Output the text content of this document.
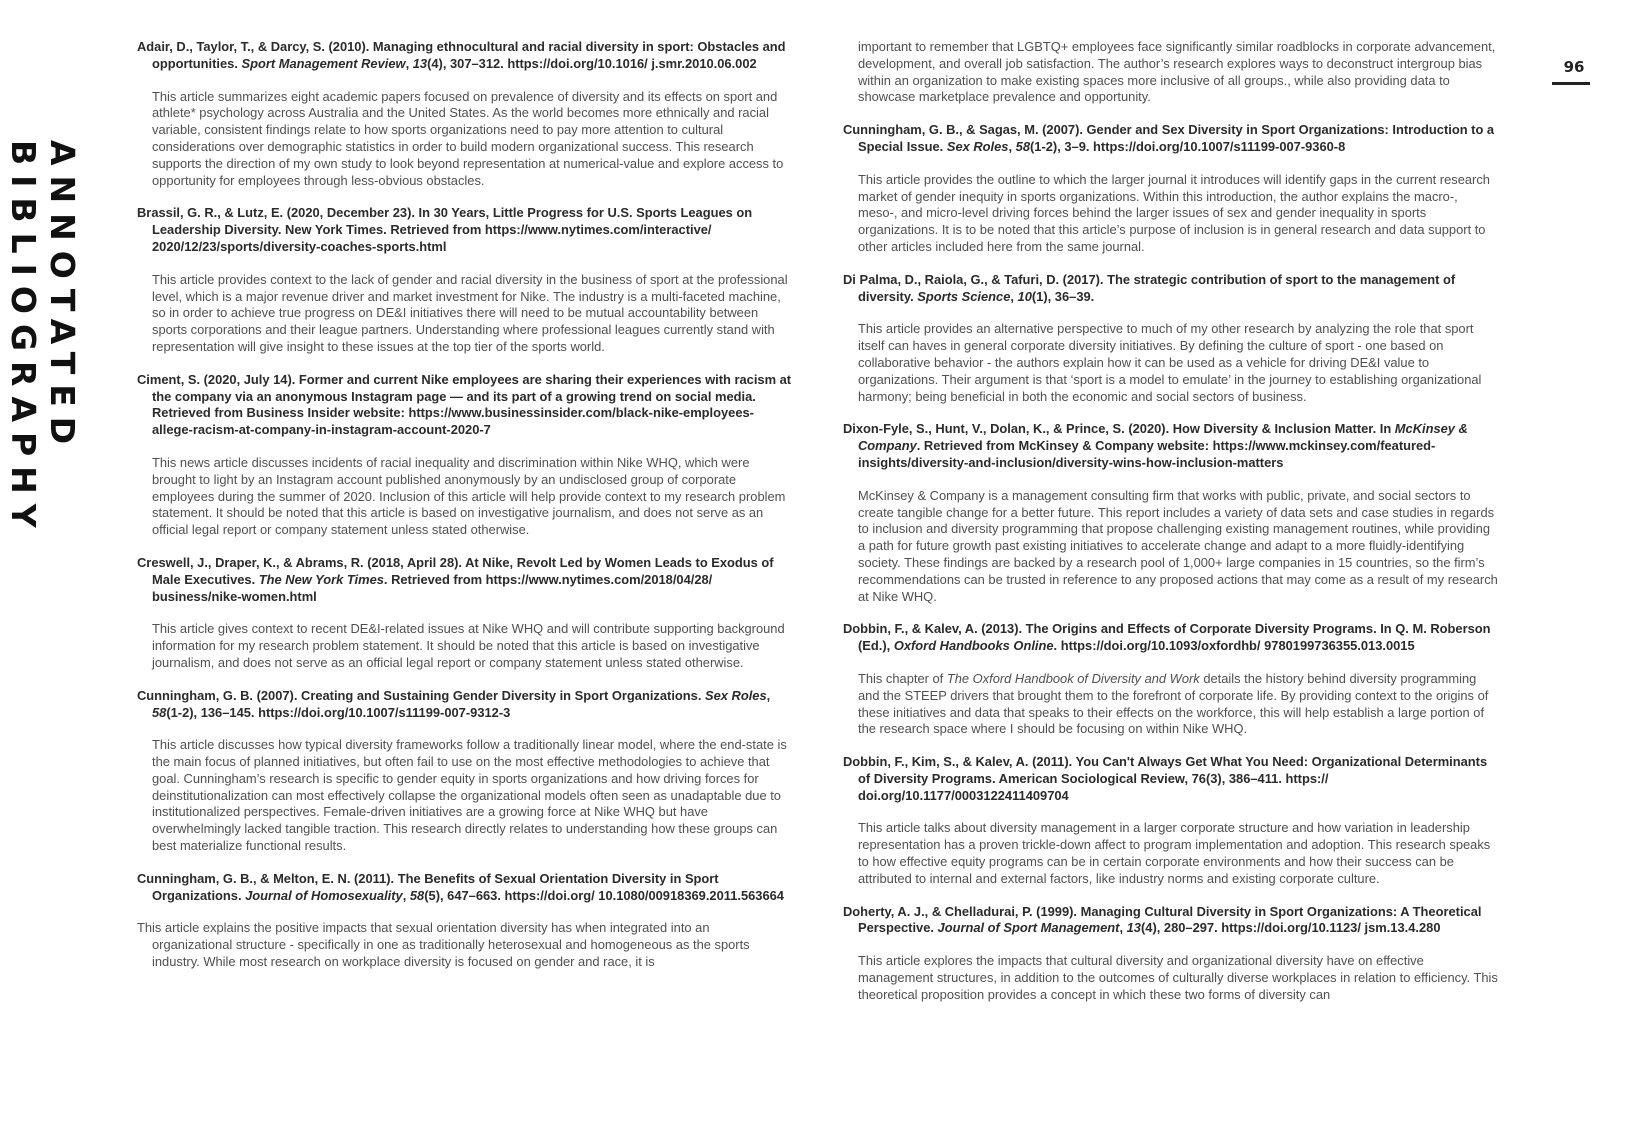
ANNOTATED BIBLIOGRAPHY
96

Adair, D., Taylor, T., & Darcy, S. (2010). Managing ethnocultural and racial diversity in sport: Obstacles and opportunities. Sport Management Review, 13(4), 307–312. https://doi.org/10.1016/ j.smr.2010.06.002

This article summarizes eight academic papers focused on prevalence of diversity and its effects on sport and athlete* psychology across Australia and the United States. As the world becomes more ethnically and racial variable, consistent findings relate to how sports organizations need to pay more attention to cultural considerations over demographic statistics in order to build modern organizational success. This research supports the direction of my own study to look beyond representation at numerical-value and explore access to opportunity for employees through less-obvious obstacles.

Brassil, G. R., & Lutz, E. (2020, December 23). In 30 Years, Little Progress for U.S. Sports Leagues on Leadership Diversity. New York Times. Retrieved from https://www.nytimes.com/interactive/ 2020/12/23/sports/diversity-coaches-sports.html

This article provides context to the lack of gender and racial diversity in the business of sport at the professional level, which is a major revenue driver and market investment for Nike. The industry is a multi-faceted machine, so in order to achieve true progress on DE&I initiatives there will need to be mutual accountability between sports corporations and their league partners. Understanding where professional leagues currently stand with representation will give insight to these issues at the top tier of the sports world.

Ciment, S. (2020, July 14). Former and current Nike employees are sharing their experiences with racism at the company via an anonymous Instagram page — and its part of a growing trend on social media. Retrieved from Business Insider website: https://www.businessinsider.com/black-nike-employees-allege-racism-at-company-in-instagram-account-2020-7

This news article discusses incidents of racial inequality and discrimination within Nike WHQ, which were brought to light by an Instagram account published anonymously by an undisclosed group of corporate employees during the summer of 2020. Inclusion of this article will help provide context to my research problem statement. It should be noted that this article is based on investigative journalism, and does not serve as an official legal report or company statement unless stated otherwise.

Creswell, J., Draper, K., & Abrams, R. (2018, April 28). At Nike, Revolt Led by Women Leads to Exodus of Male Executives. The New York Times. Retrieved from https://www.nytimes.com/2018/04/28/ business/nike-women.html

This article gives context to recent DE&I-related issues at Nike WHQ and will contribute supporting background information for my research problem statement. It should be noted that this article is based on investigative journalism, and does not serve as an official legal report or company statement unless stated otherwise.

Cunningham, G. B. (2007). Creating and Sustaining Gender Diversity in Sport Organizations. Sex Roles, 58(1-2), 136–145. https://doi.org/10.1007/s11199-007-9312-3

This article discusses how typical diversity frameworks follow a traditionally linear model, where the end-state is the main focus of planned initiatives, but often fail to use on the most effective methodologies to achieve that goal. Cunningham’s research is specific to gender equity in sports organizations and how driving forces for deinstitutionalization can most effectively collapse the organizational models often seen as unadaptable due to institutionalized perspectives. Female-driven initiatives are a growing force at Nike WHQ but have overwhelmingly lacked tangible traction. This research directly relates to understanding how these groups can best materialize functional results.

Cunningham, G. B., & Melton, E. N. (2011). The Benefits of Sexual Orientation Diversity in Sport Organizations. Journal of Homosexuality, 58(5), 647–663. https://doi.org/ 10.1080/00918369.2011.563664

This article explains the positive impacts that sexual orientation diversity has when integrated into an organizational structure - specifically in one as traditionally heterosexual and homogeneous as the sports industry. While most research on workplace diversity is focused on gender and race, it is

important to remember that LGBTQ+ employees face significantly similar roadblocks in corporate advancement, development, and overall job satisfaction. The author’s research explores ways to deconstruct intergroup bias within an organization to make existing spaces more inclusive of all groups., while also providing data to showcase marketplace prevalence and opportunity.

Cunningham, G. B., & Sagas, M. (2007). Gender and Sex Diversity in Sport Organizations: Introduction to a Special Issue. Sex Roles, 58(1-2), 3–9. https://doi.org/10.1007/s11199-007-9360-8

This article provides the outline to which the larger journal it introduces will identify gaps in the current research market of gender inequity in sports organizations. Within this introduction, the author explains the macro-, meso-, and micro-level driving forces behind the larger issues of sex and gender inequality in sports organizations. It is to be noted that this article’s purpose of inclusion is in general research and data support to other articles included here from the same journal.

Di Palma, D., Raiola, G., & Tafuri, D. (2017). The strategic contribution of sport to the management of diversity. Sports Science, 10(1), 36–39.

This article provides an alternative perspective to much of my other research by analyzing the role that sport itself can haves in general corporate diversity initiatives. By defining the culture of sport - one based on collaborative behavior - the authors explain how it can be used as a vehicle for driving DE&I value to organizations. Their argument is that ‘sport is a model to emulate’ in the journey to establishing organizational harmony; being beneficial in both the economic and social sectors of business.

Dixon-Fyle, S., Hunt, V., Dolan, K., & Prince, S. (2020). How Diversity & Inclusion Matter. In McKinsey & Company. Retrieved from McKinsey & Company website: https://www.mckinsey.com/featured-insights/diversity-and-inclusion/diversity-wins-how-inclusion-matters

McKinsey & Company is a management consulting firm that works with public, private, and social sectors to create tangible change for a better future. This report includes a variety of data sets and case studies in regards to inclusion and diversity programming that propose challenging existing management routines, while providing a path for future growth past existing initiatives to accelerate change and adapt to a more fluidly-identifying society. These findings are backed by a research pool of 1,000+ large companies in 15 countries, so the firm’s recommendations can be trusted in reference to any proposed actions that may come as a result of my research at Nike WHQ.

Dobbin, F., & Kalev, A. (2013). The Origins and Effects of Corporate Diversity Programs. In Q. M. Roberson (Ed.), Oxford Handbooks Online. https://doi.org/10.1093/oxfordhb/ 9780199736355.013.0015

This chapter of The Oxford Handbook of Diversity and Work details the history behind diversity programming and the STEEP drivers that brought them to the forefront of corporate life. By providing context to the origins of these initiatives and data that speaks to their effects on the workforce, this will help establish a large portion of the research space where I should be focusing on within Nike WHQ.

Dobbin, F., Kim, S., & Kalev, A. (2011). You Can't Always Get What You Need: Organizational Determinants of Diversity Programs. American Sociological Review, 76(3), 386–411. https:// doi.org/10.1177/0003122411409704

This article talks about diversity management in a larger corporate structure and how variation in leadership representation has a proven trickle-down affect to program implementation and adoption. This research speaks to how effective equity programs can be in certain corporate environments and how their success can be attributed to internal and external factors, like industry norms and existing corporate culture.

Doherty, A. J., & Chelladurai, P. (1999). Managing Cultural Diversity in Sport Organizations: A Theoretical Perspective. Journal of Sport Management, 13(4), 280–297. https://doi.org/10.1123/ jsm.13.4.280

This article explores the impacts that cultural diversity and organizational diversity have on effective management structures, in addition to the outcomes of culturally diverse workplaces in relation to efficiency. This theoretical proposition provides a concept in which these two forms of diversity can
